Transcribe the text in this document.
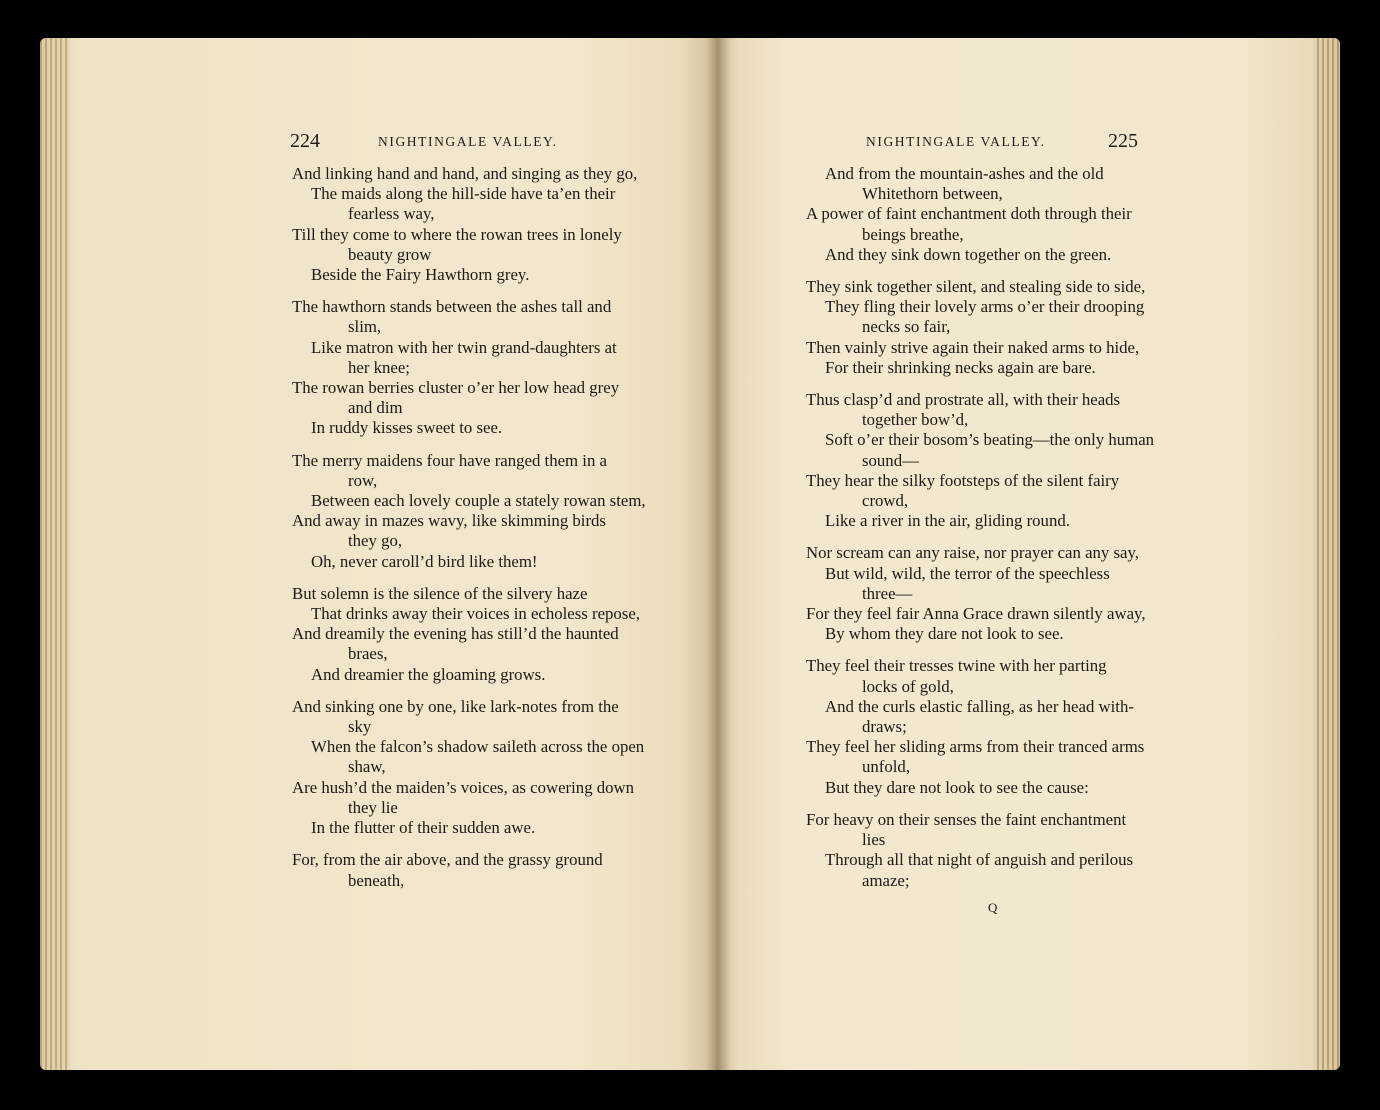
224	NIGHTINGALE VALLEY.
And linking hand and hand, and singing as they go,
The maids along the hill-side have ta’en their
fearless way,
Till they come to where the rowan trees in lonely
beauty grow
Beside the Fairy Hawthorn grey.
The hawthorn stands between the ashes tall and
slim,
Like matron with her twin grand-daughters at
her knee;
The rowan berries cluster o’er her low head grey
and dim
In ruddy kisses sweet to see.
The merry maidens four have ranged them in a
row,
Between each lovely couple a stately rowan stem,
And away in mazes wavy, like skimming birds
they go,
Oh, never caroll’d bird like them!
But solemn is the silence of the silvery haze
That drinks away their voices in echoless repose,
And dreamily the evening has still’d the haunted
braes,
And dreamier the gloaming grows.
And sinking one by one, like lark-notes from the
sky
When the falcon’s shadow saileth across the open
shaw,
Are hush’d the maiden’s voices, as cowering down
they lie
In the flutter of their sudden awe.
For, from the air above, and the grassy ground
beneath,
NIGHTINGALE VALLEY.	225
And from the mountain-ashes and the old
Whitethorn between,
A power of faint enchantment doth through their
beings breathe,
And they sink down together on the green.
They sink together silent, and stealing side to side,
They fling their lovely arms o’er their drooping
necks so fair,
Then vainly strive again their naked arms to hide,
For their shrinking necks again are bare.
Thus clasp’d and prostrate all, with their heads
together bow’d,
Soft o’er their bosom’s beating—the only human
sound—
They hear the silky footsteps of the silent fairy
crowd,
Like a river in the air, gliding round.
Nor scream can any raise, nor prayer can any say,
But wild, wild, the terror of the speechless
three—
For they feel fair Anna Grace drawn silently away,
By whom they dare not look to see.
They feel their tresses twine with her parting
locks of gold,
And the curls elastic falling, as her head with-
draws;
They feel her sliding arms from their tranced arms
unfold,
But they dare not look to see the cause:
For heavy on their senses the faint enchantment
lies
Through all that night of anguish and perilous
amaze;
Q
